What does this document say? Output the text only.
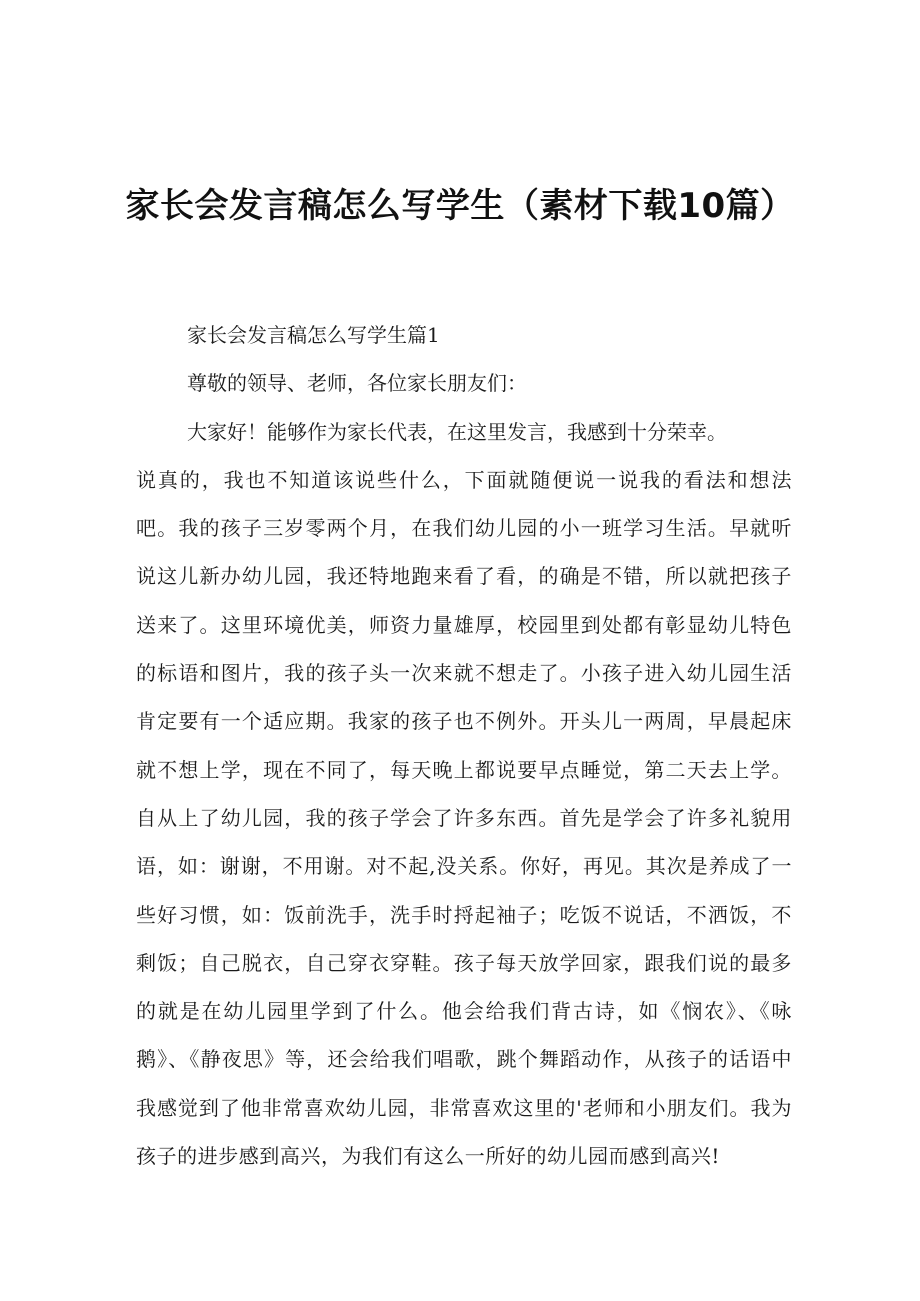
家长会发言稿怎么写学生（素材下载10篇）

家长会发言稿怎么写学生篇1

尊敬的领导、老师，各位家长朋友们：

大家好！能够作为家长代表，在这里发言，我感到十分荣幸。

说真的，我也不知道该说些什么，下面就随便说一说我的看法和想法吧。我的孩子三岁零两个月，在我们幼儿园的小一班学习生活。早就听说这儿新办幼儿园，我还特地跑来看了看，的确是不错，所以就把孩子送来了。这里环境优美，师资力量雄厚，校园里到处都有彰显幼儿特色的标语和图片，我的孩子头一次来就不想走了。小孩子进入幼儿园生活肯定要有一个适应期。我家的孩子也不例外。开头儿一两周，早晨起床就不想上学，现在不同了，每天晚上都说要早点睡觉，第二天去上学。自从上了幼儿园，我的孩子学会了许多东西。首先是学会了许多礼貌用语，如：谢谢，不用谢。对不起,没关系。你好，再见。其次是养成了一些好习惯，如：饭前洗手，洗手时捋起袖子；吃饭不说话，不洒饭，不剩饭；自己脱衣，自己穿衣穿鞋。孩子每天放学回家，跟我们说的最多的就是在幼儿园里学到了什么。他会给我们背古诗，如《悯农》、《咏鹅》、《静夜思》等，还会给我们唱歌，跳个舞蹈动作，从孩子的话语中我感觉到了他非常喜欢幼儿园，非常喜欢这里的'老师和小朋友们。我为孩子的进步感到高兴，为我们有这么一所好的幼儿园而感到高兴!
